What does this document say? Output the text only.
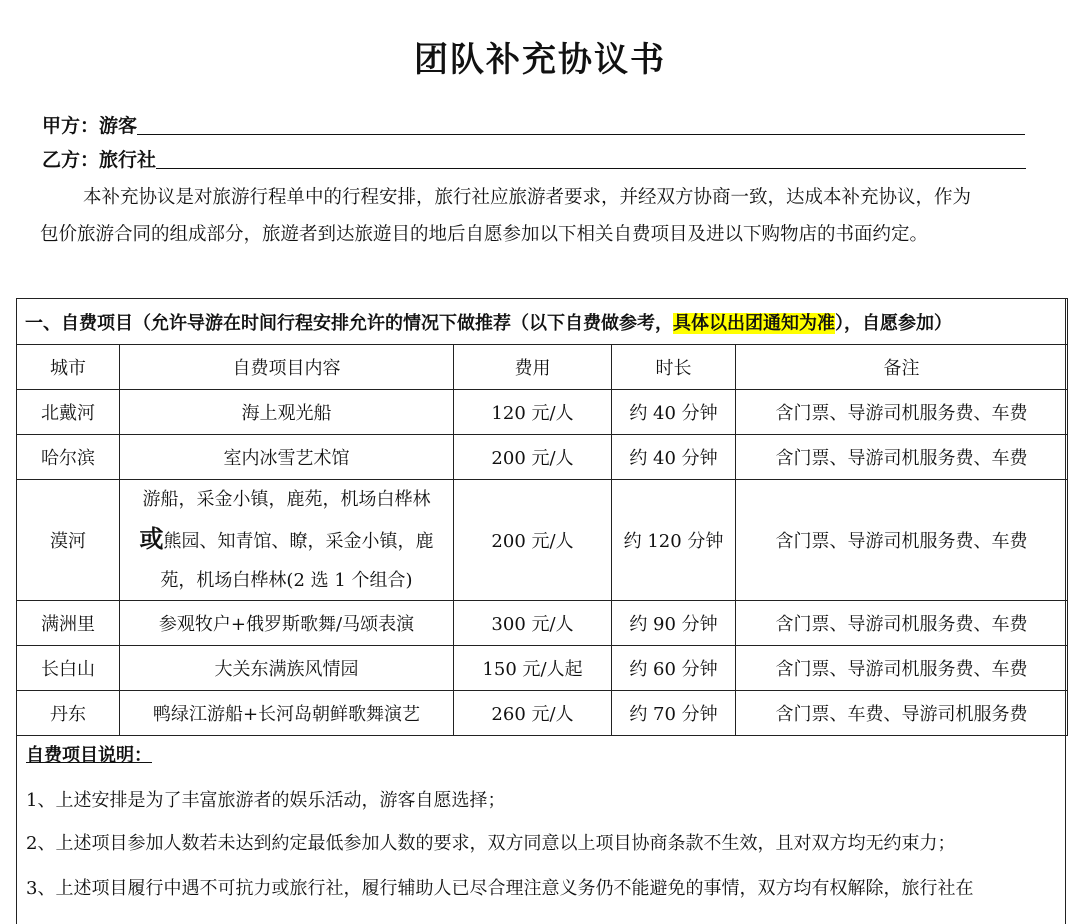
团队补充协议书
甲方：游客
乙方：旅行社
本补充协议是对旅游行程单中的行程安排，旅行社应旅游者要求，并经双方协商一致，达成本补充协议，作为
包价旅游合同的组成部分，旅遊者到达旅遊目的地后自愿参加以下相关自费项目及进以下购物店的书面约定。
一、自费项目（允许导游在时间行程安排允许的情况下做推荐（以下自费做参考，具体以出团通知为准），自愿参加）				
城市	自费项目内容	费用	时长	备注
北戴河	海上观光船	120 元/人	约 40 分钟	含门票、导游司机服务费、车费
哈尔滨	室内冰雪艺术馆	200 元/人	约 40 分钟	含门票、导游司机服务费、车费
漠河	游船，采金小镇，鹿苑，机场白桦林
或熊园、知青馆、瞭，采金小镇，鹿
苑，机场白桦林(2 选 1 个组合)	200 元/人	约 120 分钟	含门票、导游司机服务费、车费
满洲里	参观牧户+俄罗斯歌舞/马颂表演	300 元/人	约 90 分钟	含门票、导游司机服务费、车费
长白山	大关东满族风情园	150 元/人起	约 60 分钟	含门票、导游司机服务费、车费
丹东	鸭绿江游船+长河岛朝鲜歌舞演艺	260 元/人	约 70 分钟	含门票、车费、导游司机服务费
自费项目说明：
1、上述安排是为了丰富旅游者的娱乐活动，游客自愿选择；
2、上述项目参加人数若未达到約定最低参加人数的要求，双方同意以上项目协商条款不生效，且对双方均无约束力；
3、上述项目履行中遇不可抗力或旅行社，履行辅助人已尽合理注意义务仍不能避免的事情，双方均有权解除，旅行社在
